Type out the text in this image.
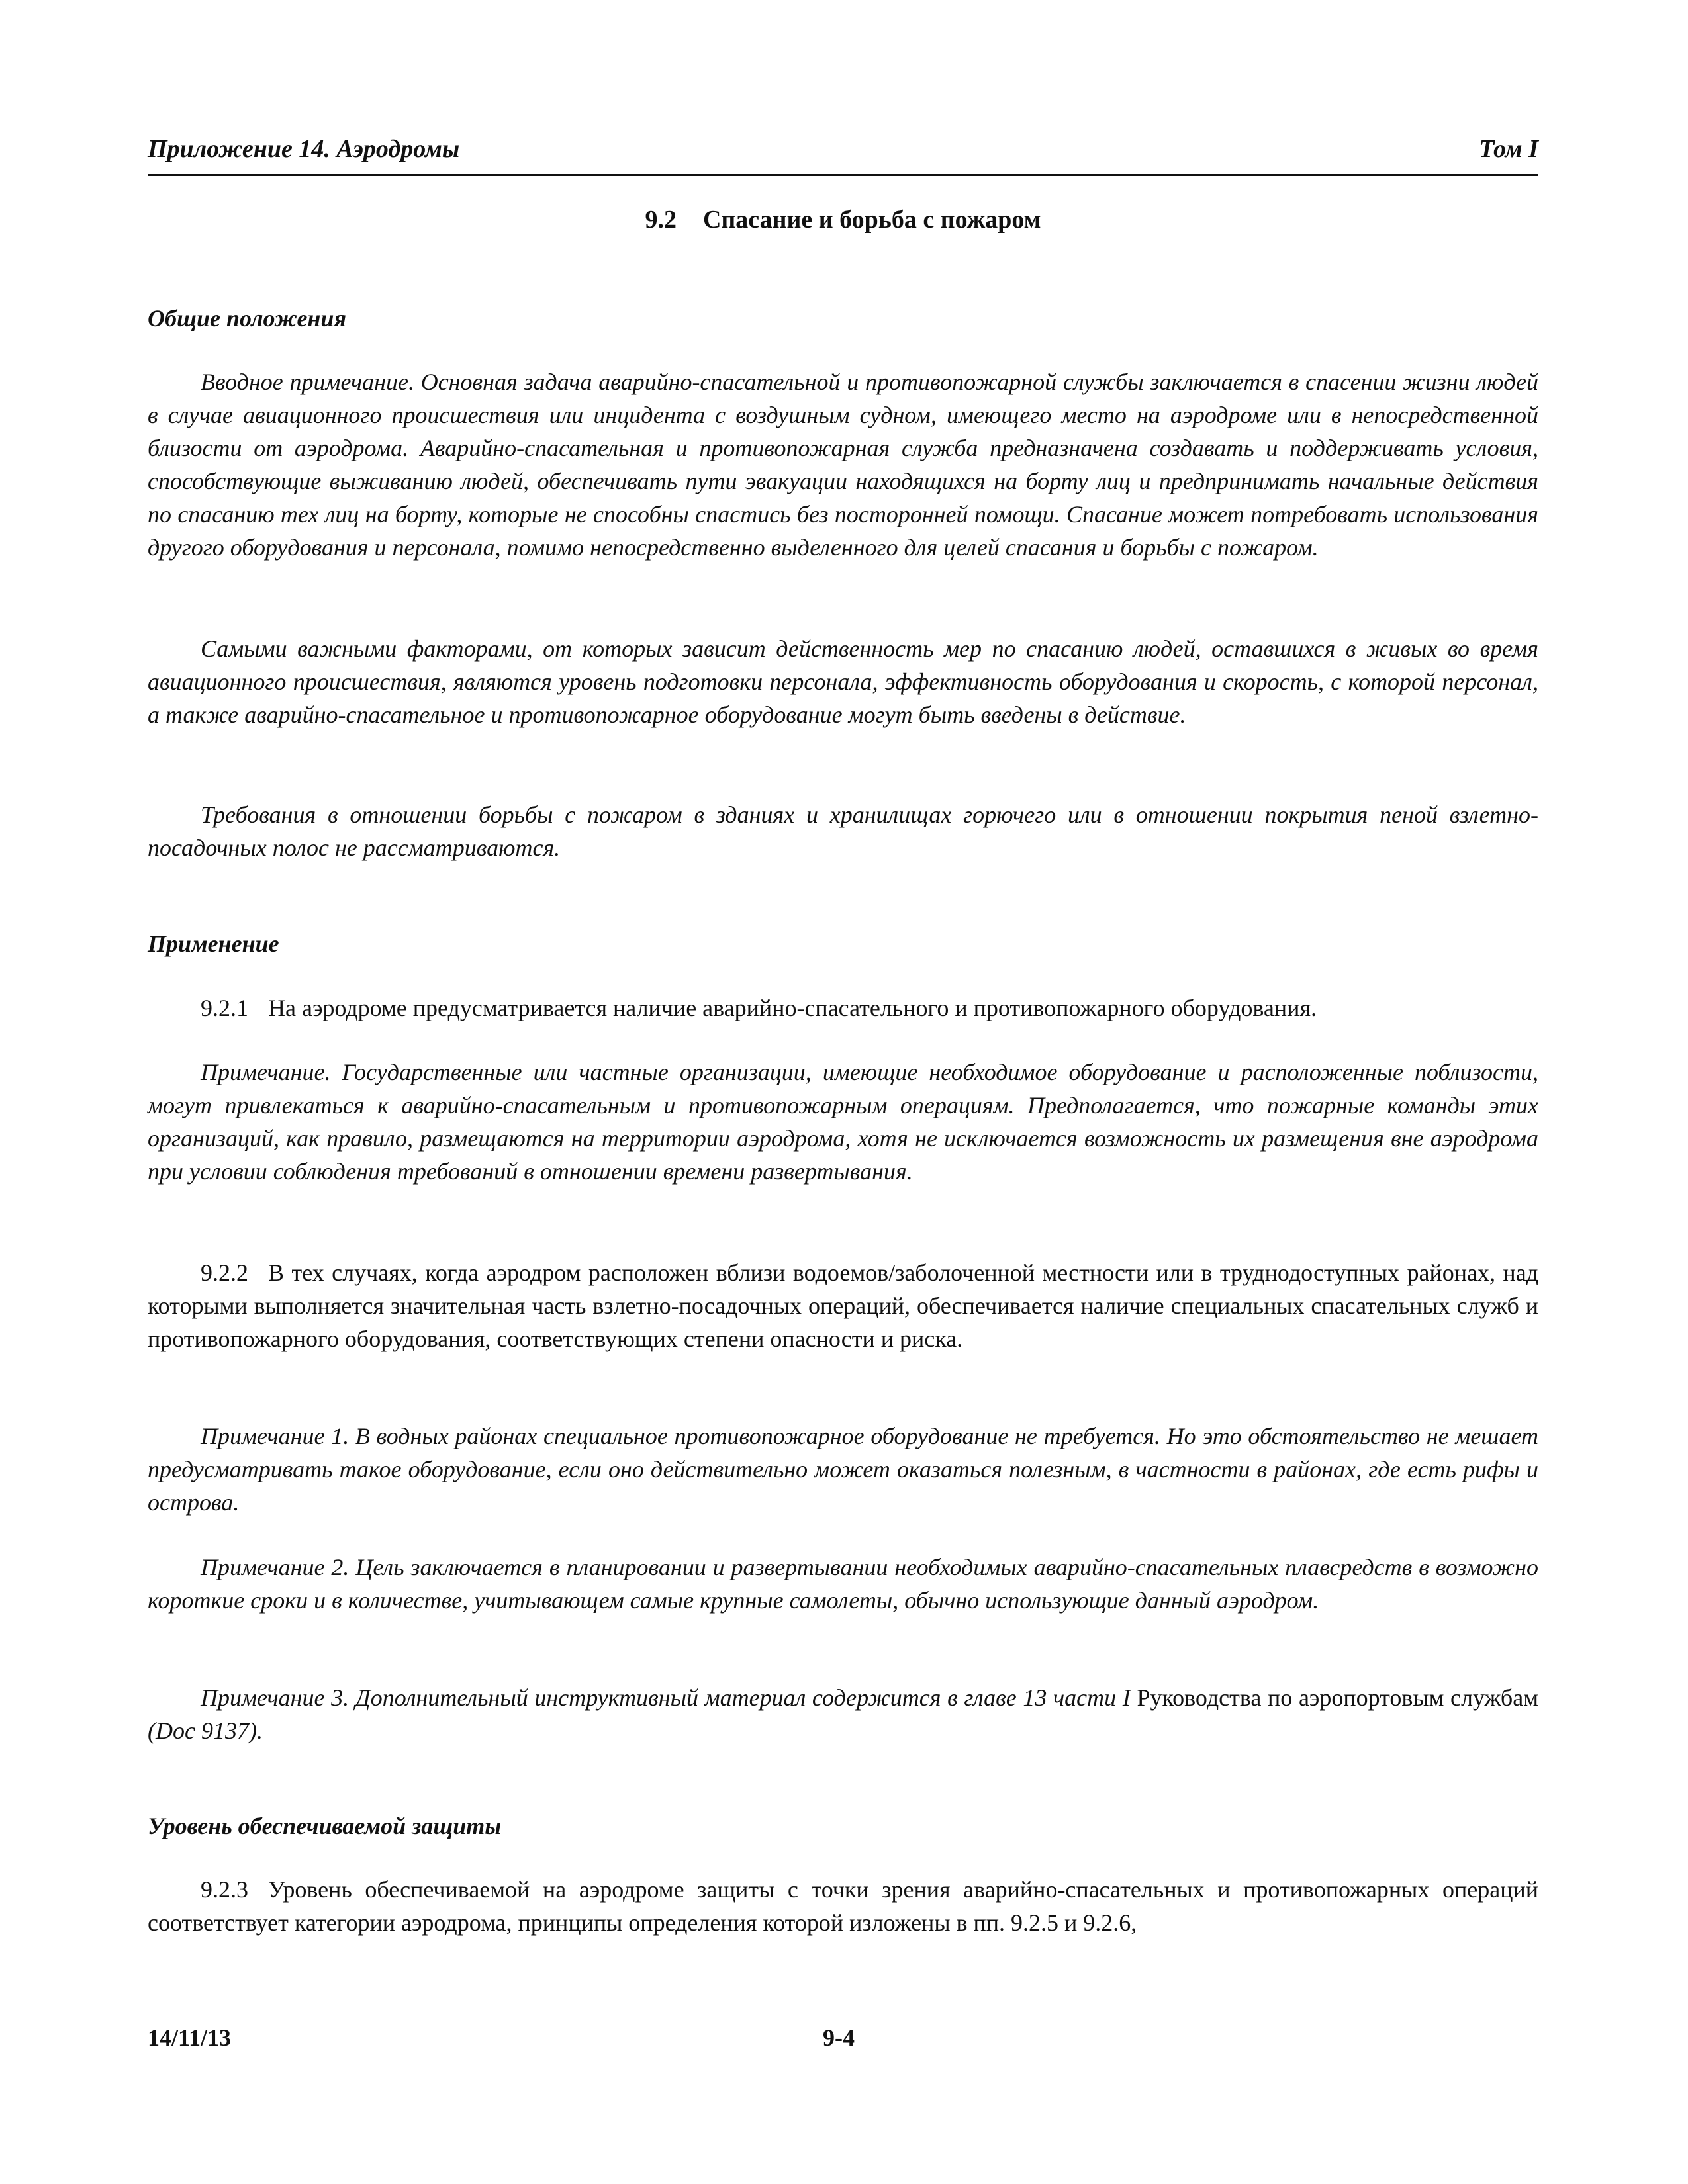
Приложение 14. Аэродромы	Том I
9.2 Спасание и борьба с пожаром
Общие положения

Вводное примечание. Основная задача аварийно-спасательной и противопожарной службы заключается в спасении жизни людей в случае авиационного происшествия или инцидента с воздушным судном, имеющего место на аэродроме или в непосредственной близости от аэродрома. Аварийно-спасательная и противопожарная служба предназначена создавать и поддерживать условия, способствующие выживанию людей, обеспечивать пути эвакуации находящихся на борту лиц и предпринимать начальные действия по спасанию тех лиц на борту, которые не способны спастись без посторонней помощи. Спасание может потребовать использования другого оборудования и персонала, помимо непосредственно выделенного для целей спасания и борьбы с пожаром.

Самыми важными факторами, от которых зависит действенность мер по спасанию людей, оставшихся в живых во время авиационного происшествия, являются уровень подготовки персонала, эффективность оборудования и скорость, с которой персонал, а также аварийно-спасательное и противопожарное оборудование могут быть введены в действие.

Требования в отношении борьбы с пожаром в зданиях и хранилищах горючего или в отношении покрытия пеной взлетно-посадочных полос не рассматриваются.

Применение

9.2.1 На аэродроме предусматривается наличие аварийно-спасательного и противопожарного оборудования.

Примечание. Государственные или частные организации, имеющие необходимое оборудование и расположенные поблизости, могут привлекаться к аварийно-спасательным и противопожарным операциям. Предполагается, что пожарные команды этих организаций, как правило, размещаются на территории аэродрома, хотя не исключается возможность их размещения вне аэродрома при условии соблюдения требований в отношении времени развертывания.

9.2.2 В тех случаях, когда аэродром расположен вблизи водоемов/заболоченной местности или в труднодоступных районах, над которыми выполняется значительная часть взлетно-посадочных операций, обеспечивается наличие специальных спасательных служб и противопожарного оборудования, соответствующих степени опасности и риска.

Примечание 1. В водных районах специальное противопожарное оборудование не требуется. Но это обстоятельство не мешает предусматривать такое оборудование, если оно действительно может оказаться полезным, в частности в районах, где есть рифы и острова.

Примечание 2. Цель заключается в планировании и развертывании необходимых аварийно-спасательных плавсредств в возможно короткие сроки и в количестве, учитывающем самые крупные самолеты, обычно использующие данный аэродром.

Примечание 3. Дополнительный инструктивный материал содержится в главе 13 части I Руководства по аэропортовым службам (Doc 9137).

Уровень обеспечиваемой защиты

9.2.3 Уровень обеспечиваемой на аэродроме защиты с точки зрения аварийно-спасательных и противопожарных операций соответствует категории аэродрома, принципы определения которой изложены в пп. 9.2.5 и 9.2.6,

14/11/13	9-4
